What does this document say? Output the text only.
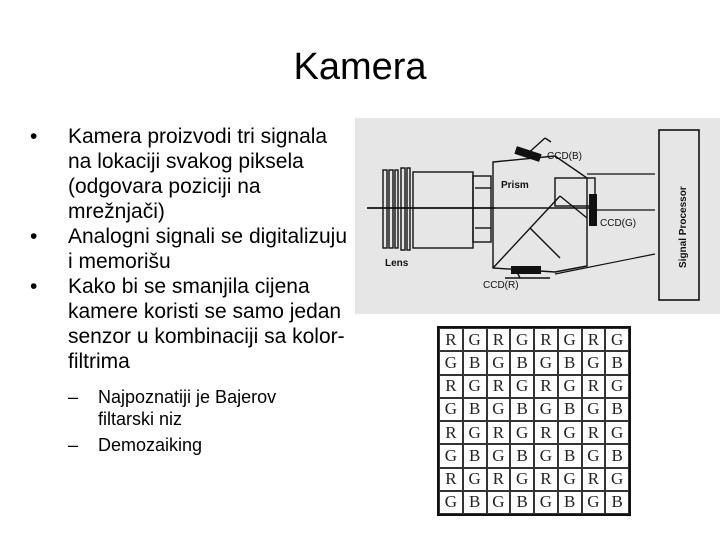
Kamera
•	Kamera proizvodi tri signala na lokaciji svakog piksela (odgovara poziciji na mrežnjači)
•	Analogni signali se digitalizuju i memorišu
•	Kako bi se smanjila cijena kamere koristi se samo jedan senzor u kombinaciji sa kolor-filtrima
– Najpoznatiji je Bajerov filtarski niz
– Demozaiking
CCD(B)
Prism
CCD(G)
Lens
CCD(R)
Signal Processor
R G R G R G R G
G B G B G B G B
R G R G R G R G
G B G B G B G B
R G R G R G R G
G B G B G B G B
R G R G R G R G
G B G B G B G B
